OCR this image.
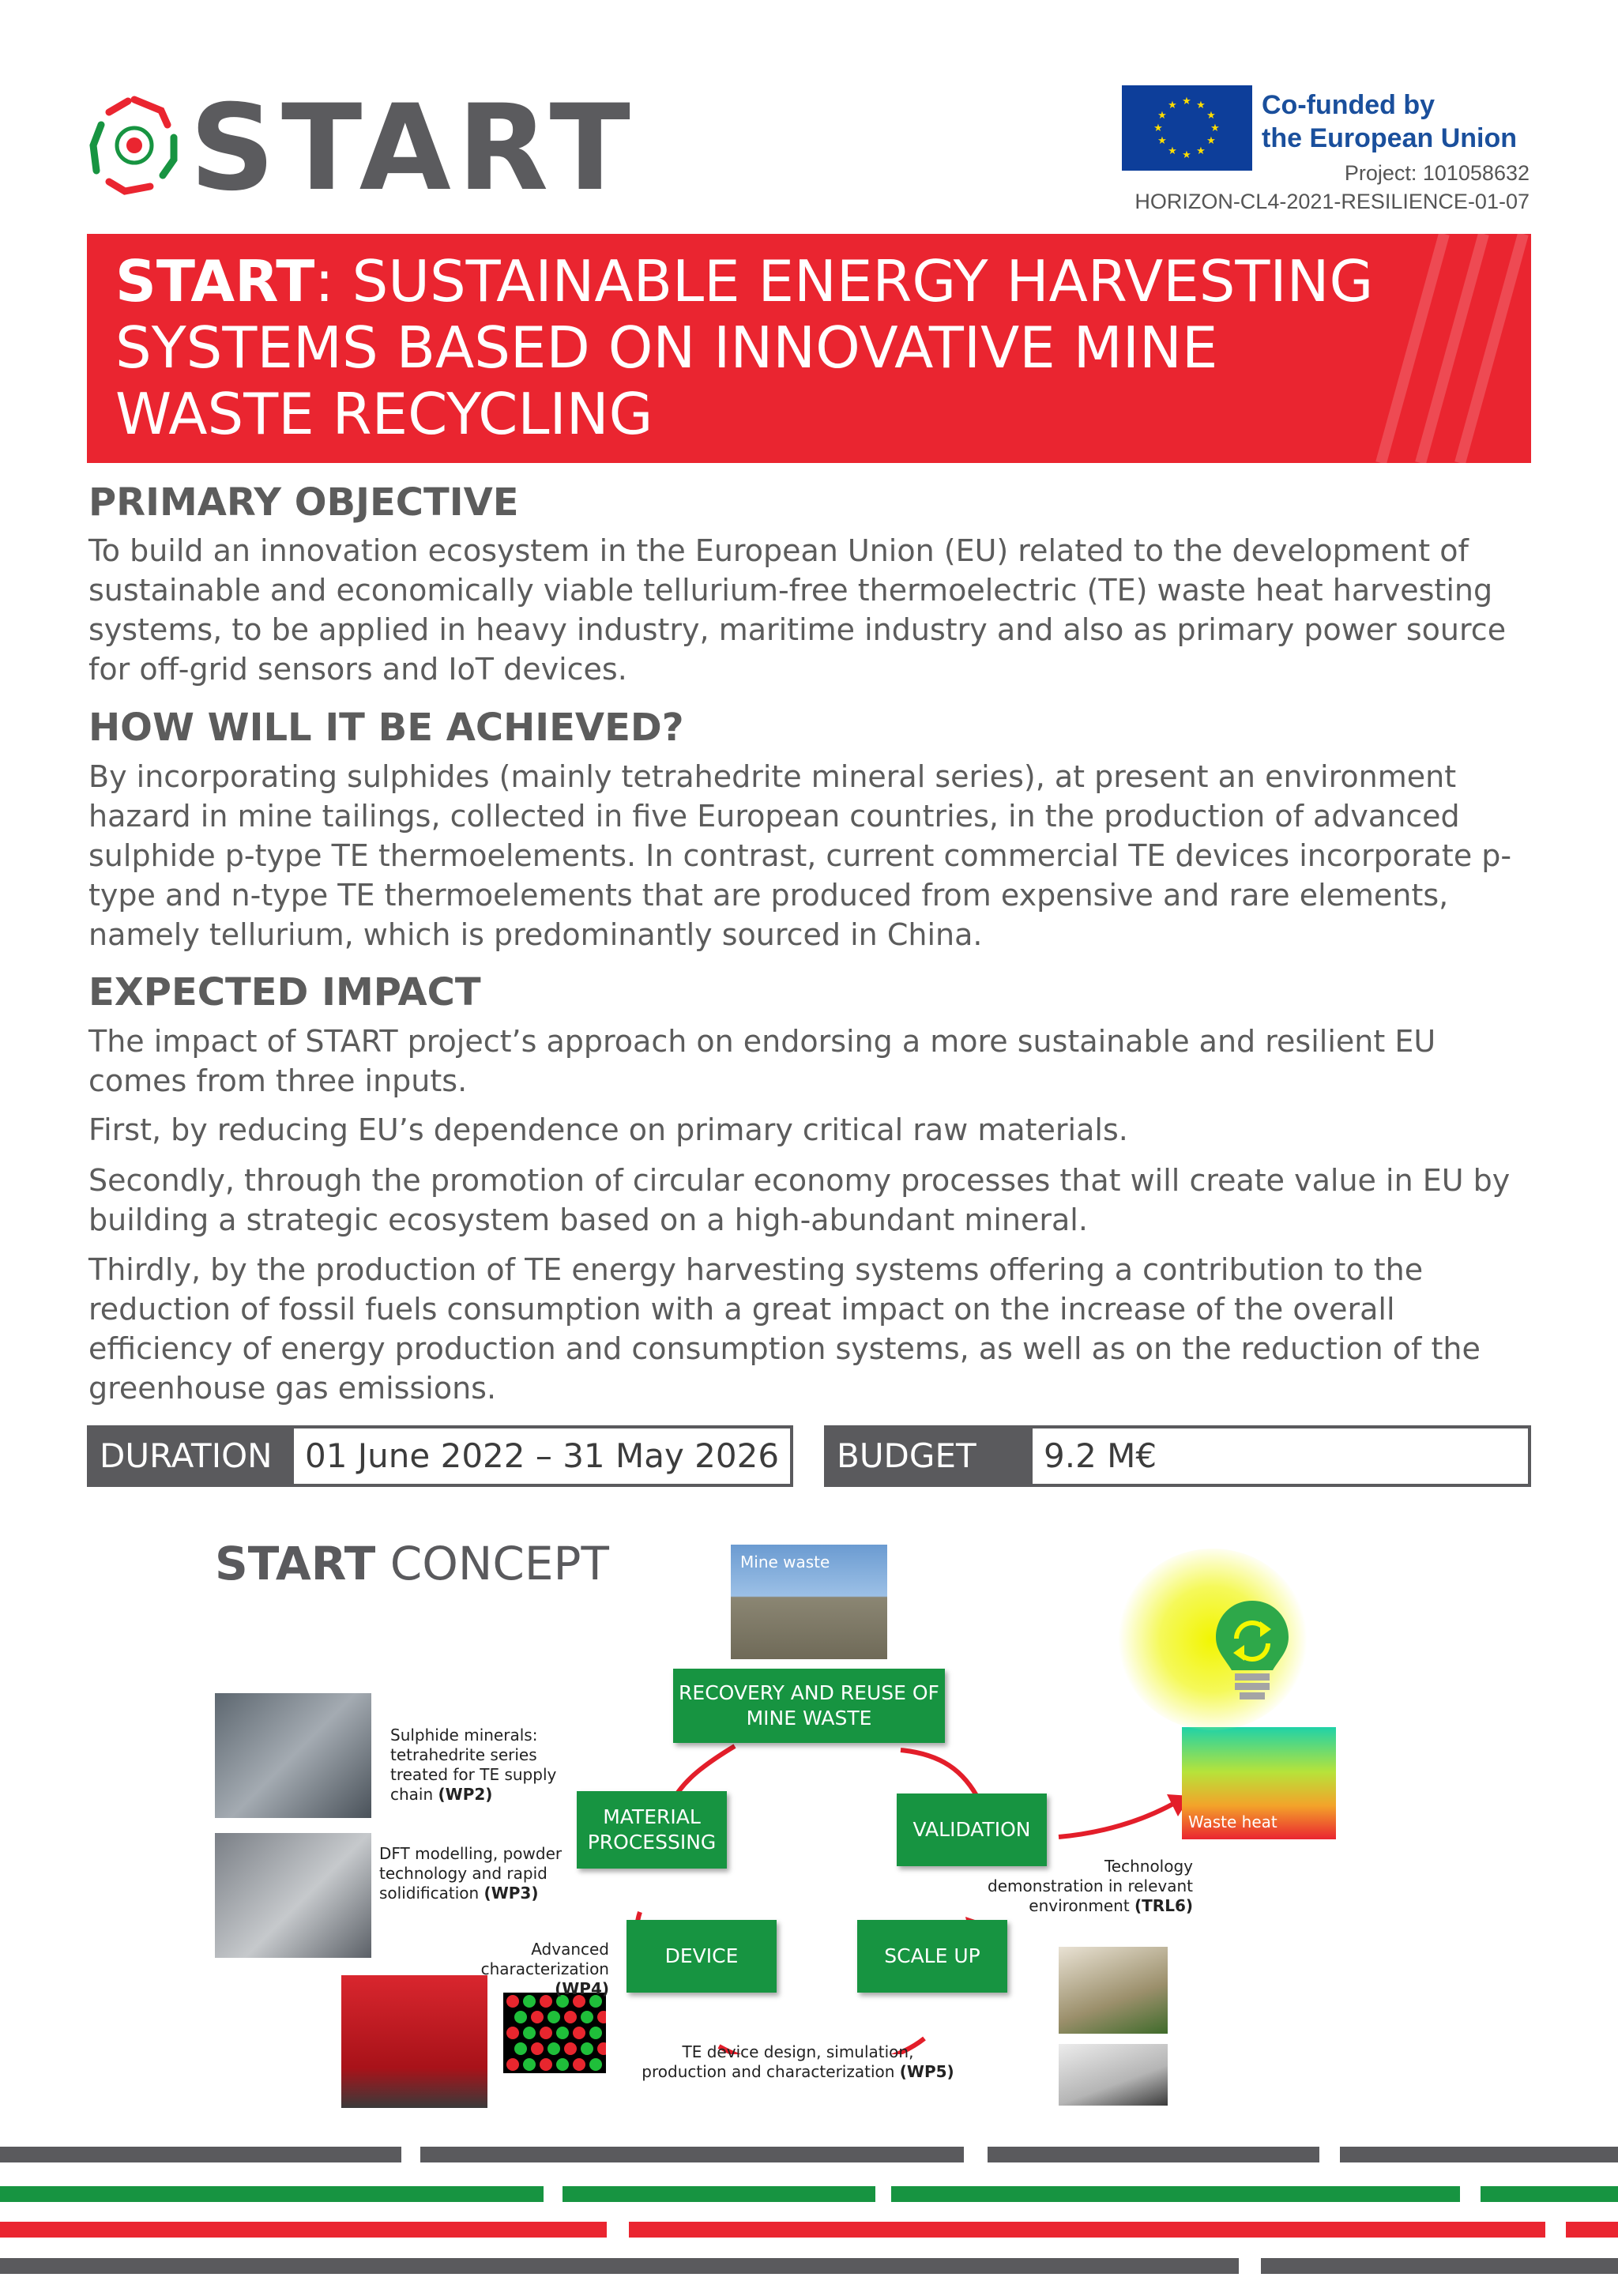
START	★ ★
★
★
★
★
★
★
★
★
★
★	Co-funded by
the European Union
Project: 101058632
HORIZON-CL4-2021-RESILIENCE-01-07
START: SUSTAINABLE ENERGY HARVESTING SYSTEMS BASED ON INNOVATIVE MINE WASTE RECYCLING
PRIMARY OBJECTIVE

To build an innovation ecosystem in the European Union (EU) related to the development of sustainable and economically viable tellurium-free thermoelectric (TE) waste heat harvesting systems, to be applied in heavy industry, maritime industry and also as primary power source for off-grid sensors and IoT devices.

HOW WILL IT BE ACHIEVED?

By incorporating sulphides (mainly tetrahedrite mineral series), at present an environment hazard in mine tailings, collected in five European countries, in the production of advanced sulphide p-type TE thermoelements. In contrast, current commercial TE devices incorporate p-type and n-type TE thermoelements that are produced from expensive and rare elements, namely tellurium, which is predominantly sourced in China.

EXPECTED IMPACT

The impact of START project’s approach on endorsing a more sustainable and resilient EU comes from three inputs.

First, by reducing EU’s dependence on primary critical raw materials.

Secondly, through the promotion of circular economy processes that will create value in EU by building a strategic ecosystem based on a high-abundant mineral.

Thirdly, by the production of TE energy harvesting systems offering a contribution to the reduction of fossil fuels consumption with a great impact on the increase of the overall efficiency of energy production and consumption systems, as well as on the reduction of the greenhouse gas emissions.

DURATION 01 June 2022 – 31 May 2026	BUDGET	9.2 M€
START CONCEPT
RECOVERY AND REUSE OF MINE WASTE
MATERIAL PROCESSING
VALIDATION
DEVICE	SCALE UP
Mine waste
Waste heat
Sulphide minerals: tetrahedrite series treated for TE supply chain (WP2)
DFT modelling, powder technology and rapid solidification (WP3)
Advanced
characterization (WP4)
TE device design, simulation,
production and characterization (WP5)
Technology demonstration in relevant environment (TRL6)
